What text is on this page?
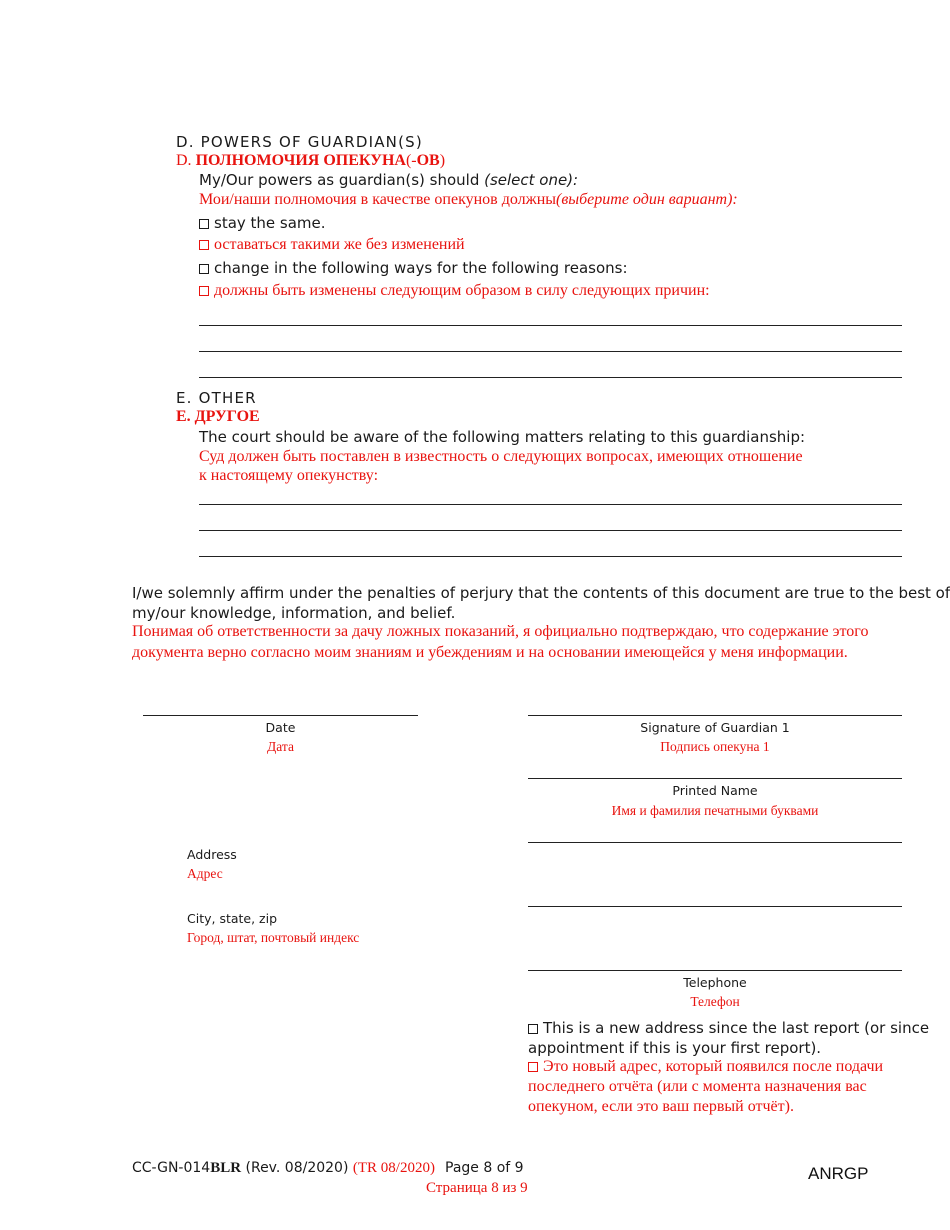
D. POWERS OF GUARDIAN(S)
D. ПОЛНОМОЧИЯ ОПЕКУНА(-ОВ)
My/Our powers as guardian(s) should (select one):
Мои/наши полномочия в качестве опекунов должны(выберите один вариант):
stay the same.
оставаться такими же без изменений
change in the following ways for the following reasons:
должны быть изменены следующим образом в силу следующих причин:
E. OTHER
Е. ДРУГОЕ
The court should be aware of the following matters relating to this guardianship:
Суд должен быть поставлен в известность о следующих вопросах, имеющих отношение
к настоящему опекунству:
I/we solemnly affirm under the penalties of perjury that the contents of this document are true to the best of
my/our knowledge, information, and belief.
Понимая об ответственности за дачу ложных показаний, я официально подтверждаю, что содержание этого
документа верно согласно моим знаниям и убеждениям и на основании имеющейся у меня информации.
Date
Дата
Address
Адрес
City, state, zip
Город, штат, почтовый индекс
Signature of Guardian 1
Подпись опекуна 1
Printed Name
Имя и фамилия печатными буквами
Telephone
Телефон
This is a new address since the last report (or since
appointment if this is your first report).
Это новый адрес, который появился после подачи
последнего отчёта (или с момента назначения вас
опекуном, если это ваш первый отчёт).
CC-GN-014BLR (Rev. 08/2020) (TR 08/2020) Page 8 of 9
Страница 8 из 9
ANRGP
